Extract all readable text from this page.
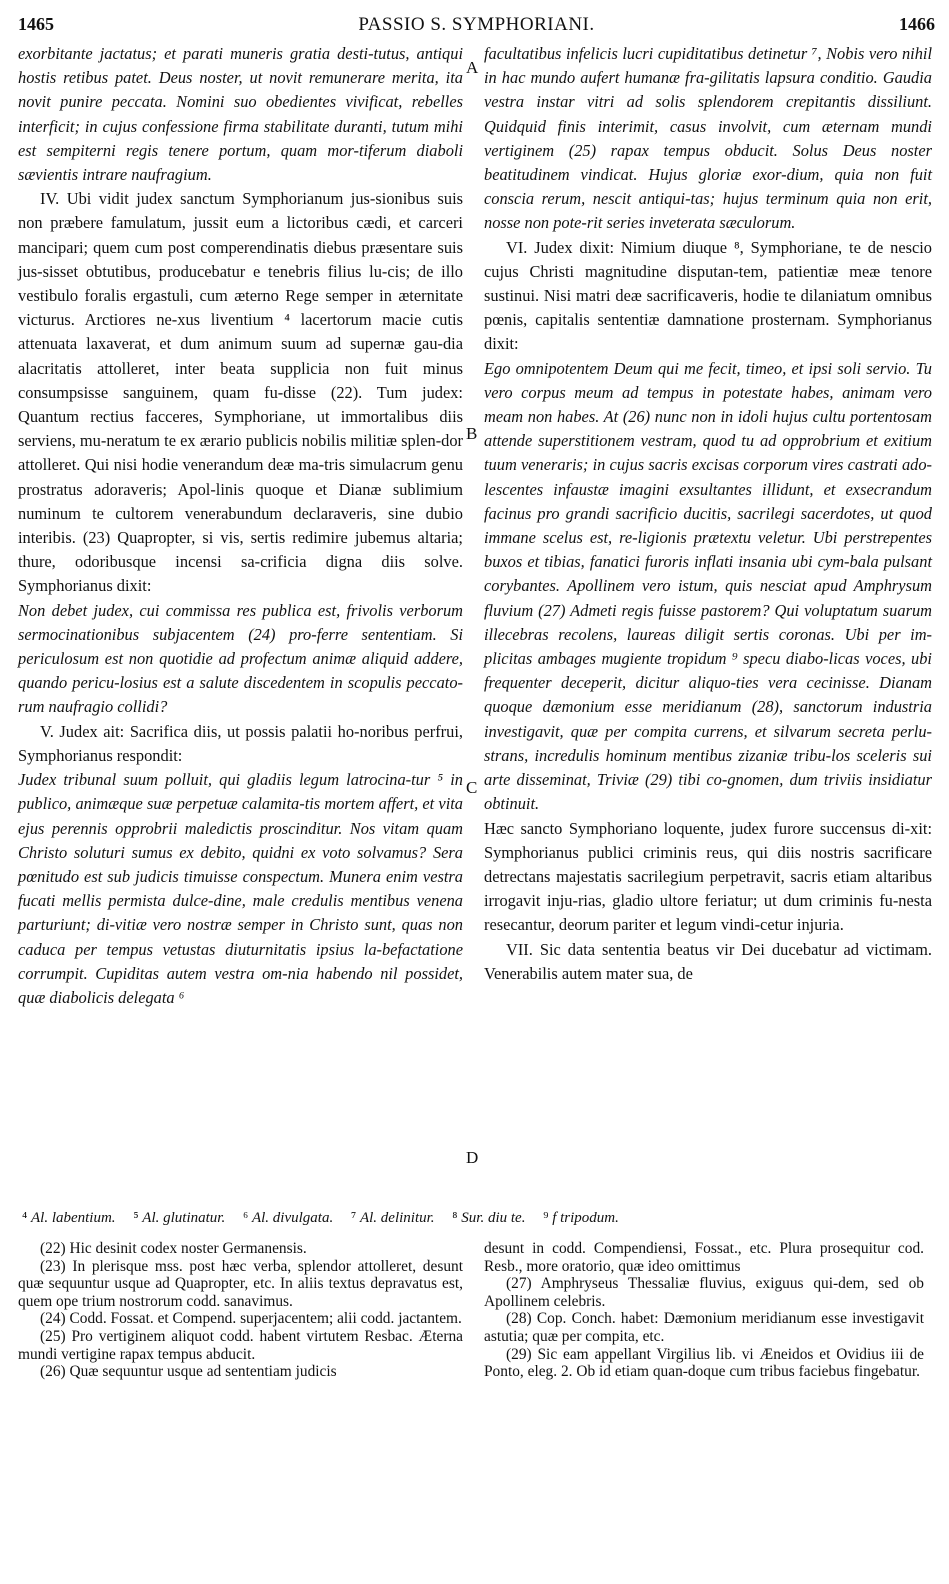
1465	PASSIO S. SYMPHORIANI.	1466

exorbitante jactatus; et parati muneris gratia desti-tutus, antiqui hostis retibus patet. Deus noster, ut novit remunerare merita, ita novit punire peccata. Nomini suo obedientes vivificat, rebelles interficit; in cujus confessione firma stabilitate duranti, tutum mihi est sempiterni regis tenere portum, quam mor-tiferum diaboli sævientis intrare naufragium.

IV. Ubi vidit judex sanctum Symphorianum jus-sionibus suis non præbere famulatum, jussit eum a lictoribus cædi, et carceri mancipari; quem cum post comperendinatis diebus præsentare suis jus-sisset obtutibus, producebatur e tenebris filius lu-cis; de illo vestibulo foralis ergastuli, cum æterno Rege semper in æternitate victurus. Arctiores ne-xus liventium ⁴ lacertorum macie cutis attenuata laxaverat, et dum animum suum ad supernæ gau-dia alacritatis attolleret, inter beata supplicia non fuit minus consumpsisse sanguinem, quam fu-disse (22). Tum judex: Quantum rectius facceres, Symphoriane, ut immortalibus diis serviens, mu-neratum te ex ærario publicis nobilis militiæ splen-dor attolleret. Qui nisi hodie venerandum deæ ma-tris simulacrum genu prostratus adoraveris; Apol-linis quoque et Dianæ sublimium numinum te cultorem venerabundum declaraveris, sine dubio interibis. (23) Quapropter, si vis, sertis redimire jubemus altaria; thure, odoribusque incensi sa-crificia digna diis solve. Symphorianus dixit:

Non debet judex, cui commissa res publica est, frivolis verborum sermocinationibus subjacentem (24) pro-ferre sententiam. Si periculosum est non quotidie ad profectum animæ aliquid addere, quando pericu-losius est a salute discedentem in scopulis peccato-rum naufragio collidi?

V. Judex ait: Sacrifica diis, ut possis palatii ho-noribus perfrui, Symphorianus respondit:

Judex tribunal suum polluit, qui gladiis legum latrocina-tur ⁵ in publico, animæque suæ perpetuæ calamita-tis mortem affert, et vita ejus perennis opprobrii maledictis proscinditur. Nos vitam quam Christo soluturi sumus ex debito, quidni ex voto solvamus? Sera pœnitudo est sub judicis timuisse conspectum. Munera enim vestra fucati mellis permista dulce-dine, male credulis mentibus venena parturiunt; di-vitiæ vero nostræ semper in Christo sunt, quas non caduca per tempus vetustas diuturnitatis ipsius la-befactatione corrumpit. Cupiditas autem vestra om-nia habendo nil possidet, quæ diabolicis delegata ⁶

facultatibus infelicis lucri cupiditatibus detinetur ⁷, Nobis vero nihil in hac mundo aufert humanæ fra-gilitatis lapsura conditio. Gaudia vestra instar vitri ad solis splendorem crepitantis dissiliunt. Quidquid finis interimit, casus involvit, cum æternam mundi vertiginem (25) rapax tempus obducit. Solus Deus noster beatitudinem vindicat. Hujus gloriæ exor-dium, quia non fuit conscia rerum, nescit antiqui-tas; hujus terminum quia non erit, nosse non pote-rit series inveterata sæculorum.

VI. Judex dixit: Nimium diuque ⁸, Symphoriane, te de nescio cujus Christi magnitudine disputan-tem, patientiæ meæ tenore sustinui. Nisi matri deæ sacrificaveris, hodie te dilaniatum omnibus pœnis, capitalis sententiæ damnatione prosternam. Symphorianus dixit:

Ego omnipotentem Deum qui me fecit, timeo, et ipsi soli servio. Tu vero corpus meum ad tempus in potestate habes, animam vero meam non habes. At (26) nunc non in idoli hujus cultu portentosam attende superstitionem vestram, quod tu ad opprobrium et exitium tuum veneraris; in cujus sacris excisas corporum vires castrati ado-lescentes infaustæ imagini exsultantes illidunt, et exsecrandum facinus pro grandi sacrificio ducitis, sacrilegi sacerdotes, ut quod immane scelus est, re-ligionis prætextu veletur. Ubi perstrepentes buxos et tibias, fanatici furoris inflati insania ubi cym-bala pulsant corybantes. Apollinem vero istum, quis nesciat apud Amphrysum fluvium (27) Admeti regis fuisse pastorem? Qui voluptatum suarum illecebras recolens, laureas diligit sertis coronas. Ubi per im-plicitas ambages mugiente tropidum ⁹ specu diabo-licas voces, ubi frequenter deceperit, dicitur aliquo-ties vera cecinisse. Dianam quoque dæmonium esse meridianum (28), sanctorum industria investigavit, quæ per compita currens, et silvarum secreta perlu-strans, incredulis hominum mentibus zizaniæ tribu-los sceleris sui arte disseminat, Triviæ (29) tibi co-gnomen, dum triviis insidiatur obtinuit.

Hæc sancto Symphoriano loquente, judex furore succensus di-xit: Symphorianus publici criminis reus, qui diis nostris sacrificare detrectans majestatis sacrilegium perpetravit, sacris etiam altaribus irrogavit inju-rias, gladio ultore feriatur; ut dum criminis fu-nesta resecantur, deorum pariter et legum vindi-cetur injuria.

VII. Sic data sententia beatus vir Dei ducebatur ad victimam. Venerabilis autem mater sua, de

A
B
C
D
⁴ Al. labentium. ⁵ Al. glutinatur. ⁶ Al. divulgata. ⁷ Al. delinitur. ⁸ Sur. diu te. ⁹ f tripodum.

(22) Hic desinit codex noster Germanensis.

(23) In plerisque mss. post hæc verba, splendor attolleret, desunt quæ sequuntur usque ad Quapropter, etc. In aliis textus depravatus est, quem ope trium nostrorum codd. sanavimus.

(24) Codd. Fossat. et Compend. superjacentem; alii codd. jactantem.

(25) Pro vertiginem aliquot codd. habent virtutem Resbac. Æterna mundi vertigine rapax tempus abducit.

(26) Quæ sequuntur usque ad sententiam judicis

desunt in codd. Compendiensi, Fossat., etc. Plura prosequitur cod. Resb., more oratorio, quæ ideo omittimus

(27) Amphryseus Thessaliæ fluvius, exiguus qui-dem, sed ob Apollinem celebris.

(28) Cop. Conch. habet: Dæmonium meridianum esse investigavit astutia; quæ per compita, etc.

(29) Sic eam appellant Virgilius lib. vi Æneidos et Ovidius iii de Ponto, eleg. 2. Ob id etiam quan-doque cum tribus faciebus fingebatur.
